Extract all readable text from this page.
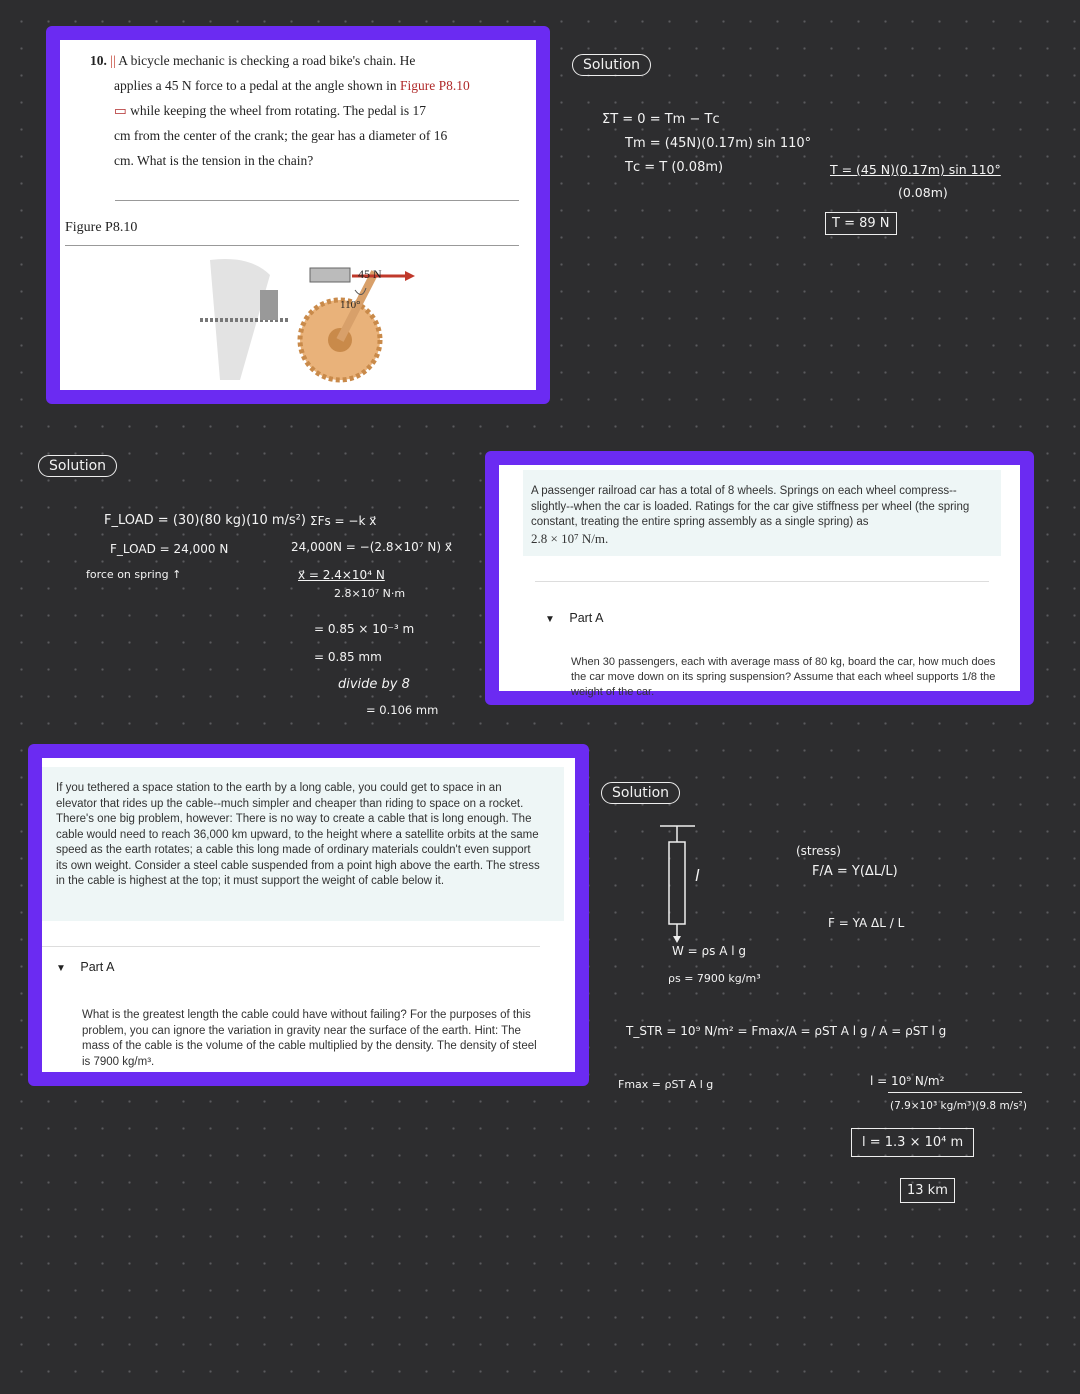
10. || A bicycle mechanic is checking a road bike's chain. He
applies a 45 N force to a pedal at the angle shown in Figure P8.10
▭ while keeping the wheel from rotating. The pedal is 17
cm from the center of the crank; the gear has a diameter of 16
cm. What is the tension in the chain?
Figure P8.10
45 N
110°
Solution
ΣΤ = 0 = Τm − Τc
Τm = (45N)(0.17m) sin 110°
Τc = T (0.08m)	T = (45 N)(0.17m) sin 110°
(0.08m)
T = 89 N
A passenger railroad car has a total of 8 wheels. Springs on each wheel compress--slightly--when the car is loaded. Ratings for the car give stiffness per wheel (the spring constant, treating the entire spring assembly as a single spring) as
2.8 × 10⁷ N/m.
▼ Part A
When 30 passengers, each with average mass of 80 kg, board the car, how much does the car move down on its spring suspension? Assume that each wheel supports 1/8 the weight of the car.
Solution
F_LOAD = (30)(80 kg)(10 m/s²)
F_LOAD = 24,000 N
force on spring ↑
ΣFs = −k x⃗
24,000N = −(2.8×10⁷ N) x⃗
x⃗ = 2.4×10⁴ N
2.8×10⁷ N·m
= 0.85 × 10⁻³ m
= 0.85 mm
divide by 8
= 0.106 mm
If you tethered a space station to the earth by a long cable, you could get to space in an elevator that rides up the cable--much simpler and cheaper than riding to space on a rocket. There's one big problem, however: There is no way to create a cable that is long enough. The cable would need to reach 36,000 km upward, to the height where a satellite orbits at the same speed as the earth rotates; a cable this long made of ordinary materials couldn't even support its own weight. Consider a steel cable suspended from a point high above the earth. The stress in the cable is highest at the top; it must support the weight of cable below it.
▼ Part A
What is the greatest length the cable could have without failing? For the purposes of this problem, you can ignore the variation in gravity near the surface of the earth. Hint: The mass of the cable is the volume of the cable multiplied by the density. The density of steel is 7900 kg/m³.
Solution
l
W = ρs A l g
ρs = 7900 kg/m³
(stress)
F/A = Y(ΔL/L)
F = YA ΔL / L
Τ_STR = 10⁹ N/m² = Fmax/A = ρST A l g / A = ρST l g
Fmax = ρST A l g	l = 10⁹ N/m²
(7.9×10³ kg/m³)(9.8 m/s²)
l = 1.3 × 10⁴ m
13 km
